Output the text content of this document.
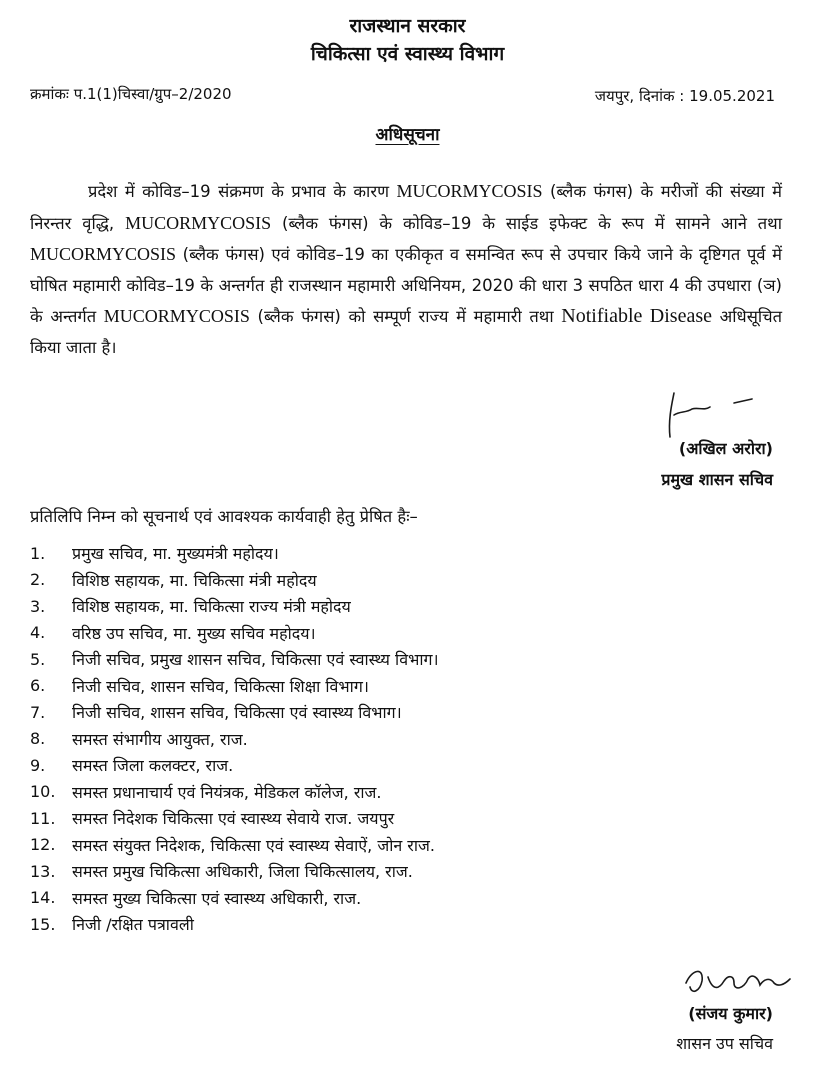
राजस्थान सरकार
चिकित्सा एवं स्वास्थ्य विभाग
क्रमांकः प.1(1)चिस्वा/ग्रुप–2/2020	जयपुर, दिनांक : 19.05.2021
अधिसूचना
प्रदेश में कोविड–19 संक्रमण के प्रभाव के कारण MUCORMYCOSIS (ब्लैक फंगस) के मरीजों की संख्या में निरन्तर वृद्धि, MUCORMYCOSIS (ब्लैक फंगस) के कोविड–19 के साईड इफेक्ट के रूप में सामने आने तथा MUCORMYCOSIS (ब्लैक फंगस) एवं कोविड–19 का एकीकृत व समन्वित रूप से उपचार किये जाने के दृष्टिगत पूर्व में घोषित महामारी कोविड–19 के अन्तर्गत ही राजस्थान महामारी अधिनियम, 2020 की धारा 3 सपठित धारा 4 की उपधारा (ञ) के अन्तर्गत MUCORMYCOSIS (ब्लैक फंगस) को सम्पूर्ण राज्य में महामारी तथा Notifiable Disease अधिसूचित किया जाता है।
(अखिल अरोरा)
प्रमुख शासन सचिव
प्रतिलिपि निम्न को सूचनार्थ एवं आवश्यक कार्यवाही हेतु प्रेषित हैः–
1.	प्रमुख सचिव, मा. मुख्यमंत्री महोदय।
2.	विशिष्ठ सहायक, मा. चिकित्सा मंत्री महोदय
3.	विशिष्ठ सहायक, मा. चिकित्सा राज्य मंत्री महोदय
4.	वरिष्ठ उप सचिव, मा. मुख्य सचिव महोदय।
5.	निजी सचिव, प्रमुख शासन सचिव, चिकित्सा एवं स्वास्थ्य विभाग।
6.	निजी सचिव, शासन सचिव, चिकित्सा शिक्षा विभाग।
7.	निजी सचिव, शासन सचिव, चिकित्सा एवं स्वास्थ्य विभाग।
8.	समस्त संभागीय आयुक्त, राज.
9.	समस्त जिला कलक्टर, राज.
10.	समस्त प्रधानाचार्य एवं नियंत्रक, मेडिकल कॉलेज, राज.
11.	समस्त निदेशक चिकित्सा एवं स्वास्थ्य सेवाये राज. जयपुर
12.	समस्त संयुक्त निदेशक, चिकित्सा एवं स्वास्थ्य सेवाऐं, जोन राज.
13.	समस्त प्रमुख चिकित्सा अधिकारी, जिला चिकित्सालय, राज.
14.	समस्त मुख्य चिकित्सा एवं स्वास्थ्य अधिकारी, राज.
15.	निजी /रक्षित पत्रावली
(संजय कुमार)
शासन उप सचिव
